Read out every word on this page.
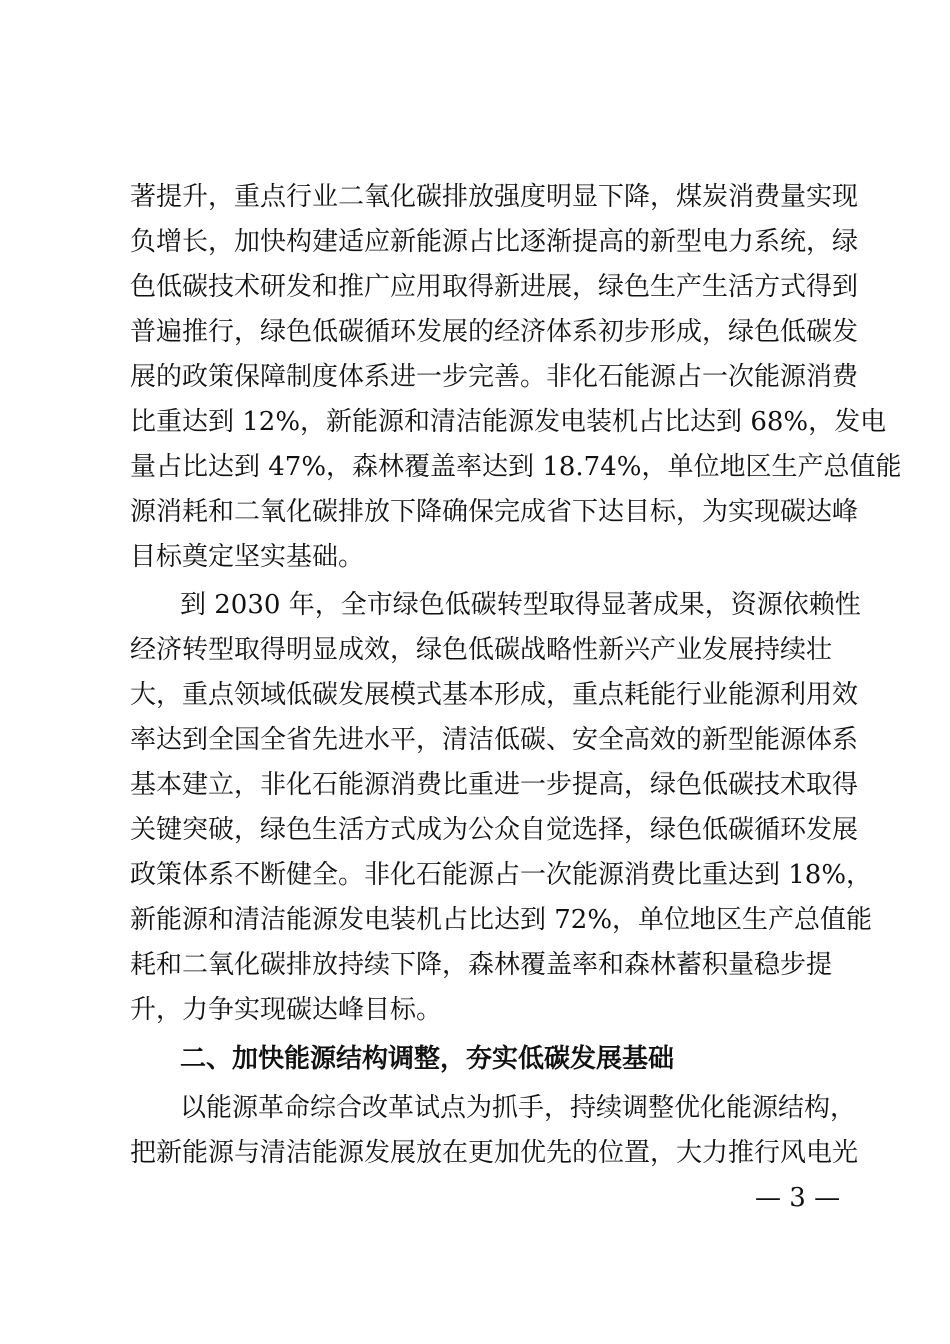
著提升，重点行业二氧化碳排放强度明显下降，煤炭消费量实现
负增长，加快构建适应新能源占比逐渐提高的新型电力系统，绿
色低碳技术研发和推广应用取得新进展，绿色生产生活方式得到
普遍推行，绿色低碳循环发展的经济体系初步形成，绿色低碳发
展的政策保障制度体系进一步完善。非化石能源占一次能源消费
比重达到 12%，新能源和清洁能源发电装机占比达到 68%，发电
量占比达到 47%，森林覆盖率达到 18.74%，单位地区生产总值能
源消耗和二氧化碳排放下降确保完成省下达目标，为实现碳达峰
目标奠定坚实基础。
到 2030 年，全市绿色低碳转型取得显著成果，资源依赖性
经济转型取得明显成效，绿色低碳战略性新兴产业发展持续壮
大，重点领域低碳发展模式基本形成，重点耗能行业能源利用效
率达到全国全省先进水平，清洁低碳、安全高效的新型能源体系
基本建立，非化石能源消费比重进一步提高，绿色低碳技术取得
关键突破，绿色生活方式成为公众自觉选择，绿色低碳循环发展
政策体系不断健全。非化石能源占一次能源消费比重达到 18%，
新能源和清洁能源发电装机占比达到 72%，单位地区生产总值能
耗和二氧化碳排放持续下降，森林覆盖率和森林蓄积量稳步提
升，力争实现碳达峰目标。
二、加快能源结构调整，夯实低碳发展基础
以能源革命综合改革试点为抓手，持续调整优化能源结构，
把新能源与清洁能源发展放在更加优先的位置，大力推行风电光
— 3 —
